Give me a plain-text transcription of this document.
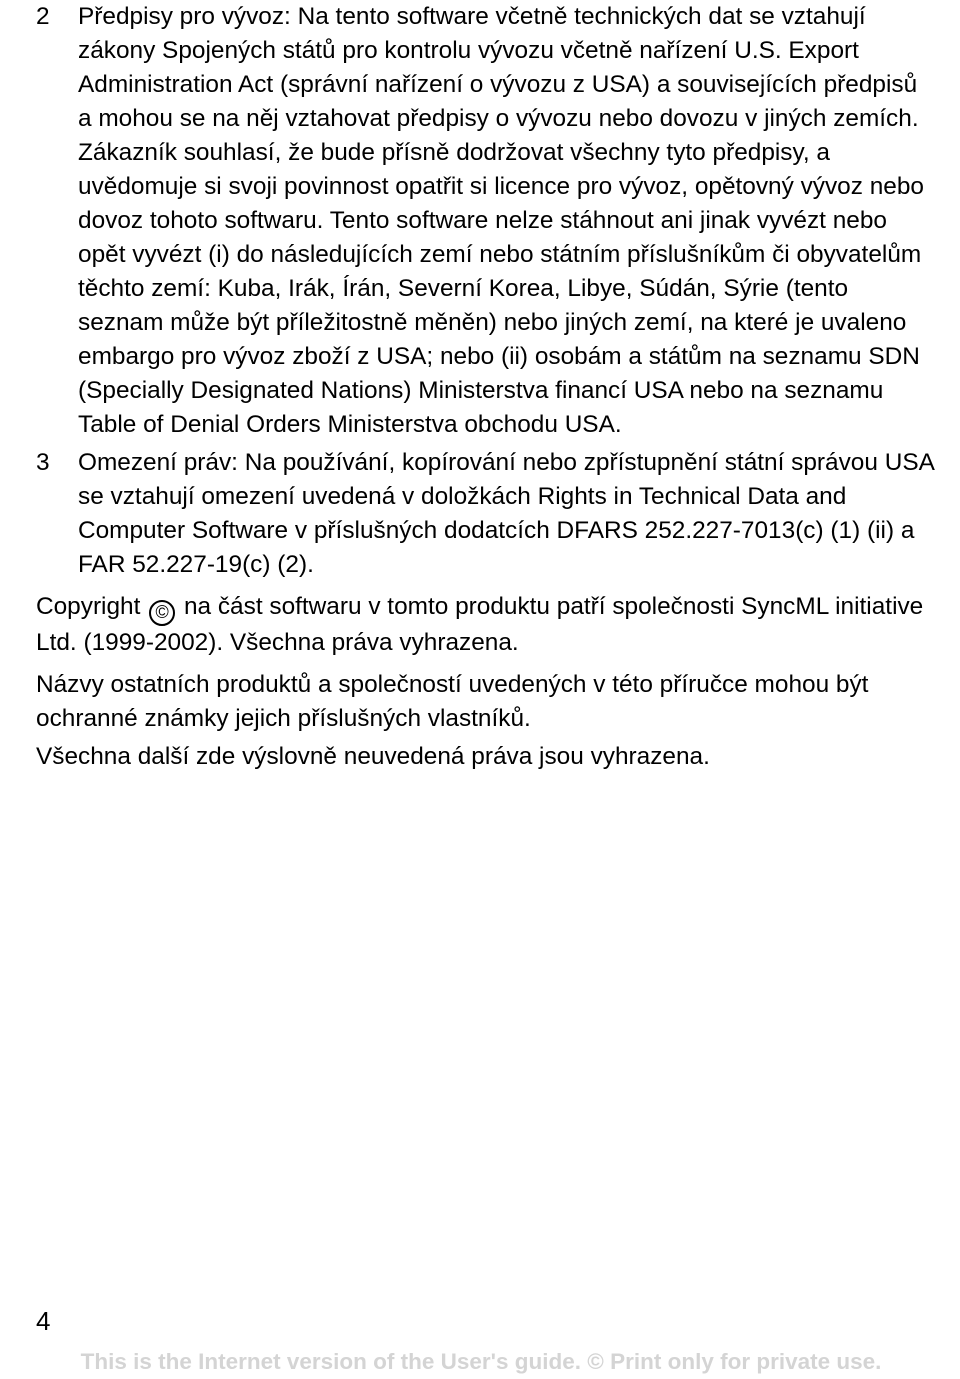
2	Předpisy pro vývoz: Na tento software včetně technických dat se vztahují zákony Spojených států pro kontrolu vývozu včetně nařízení U.S. Export Administration Act (správní nařízení o vývozu z USA) a souvisejících předpisů a mohou se na něj vztahovat předpisy o vývozu nebo dovozu v jiných zemích. Zákazník souhlasí, že bude přísně dodržovat všechny tyto předpisy, a uvědomuje si svoji povinnost opatřit si licence pro vývoz, opětovný vývoz nebo dovoz tohoto softwaru. Tento software nelze stáhnout ani jinak vyvézt nebo opět vyvézt (i) do následujících zemí nebo státním příslušníkům či obyvatelům těchto zemí: Kuba, Irák, Írán, Severní Korea, Libye, Súdán, Sýrie (tento seznam může být příležitostně měněn) nebo jiných zemí, na které je uvaleno embargo pro vývoz zboží z USA; nebo (ii) osobám a státům na seznamu SDN (Specially Designated Nations) Ministerstva financí USA nebo na seznamu Table of Denial Orders Ministerstva obchodu USA.

3	Omezení práv: Na používání, kopírování nebo zpřístupnění státní správou USA se vztahují omezení uvedená v doložkách Rights in Technical Data and Computer Software v příslušných dodatcích DFARS 252.227-7013(c) (1) (ii) a FAR 52.227-19(c) (2).

Copyright © na část softwaru v tomto produktu patří společnosti SyncML initiative Ltd. (1999-2002). Všechna práva vyhrazena.

Názvy ostatních produktů a společností uvedených v této příručce mohou být ochranné známky jejich příslušných vlastníků.

Všechna další zde výslovně neuvedená práva jsou vyhrazena.

4
This is the Internet version of the User's guide. © Print only for private use.
